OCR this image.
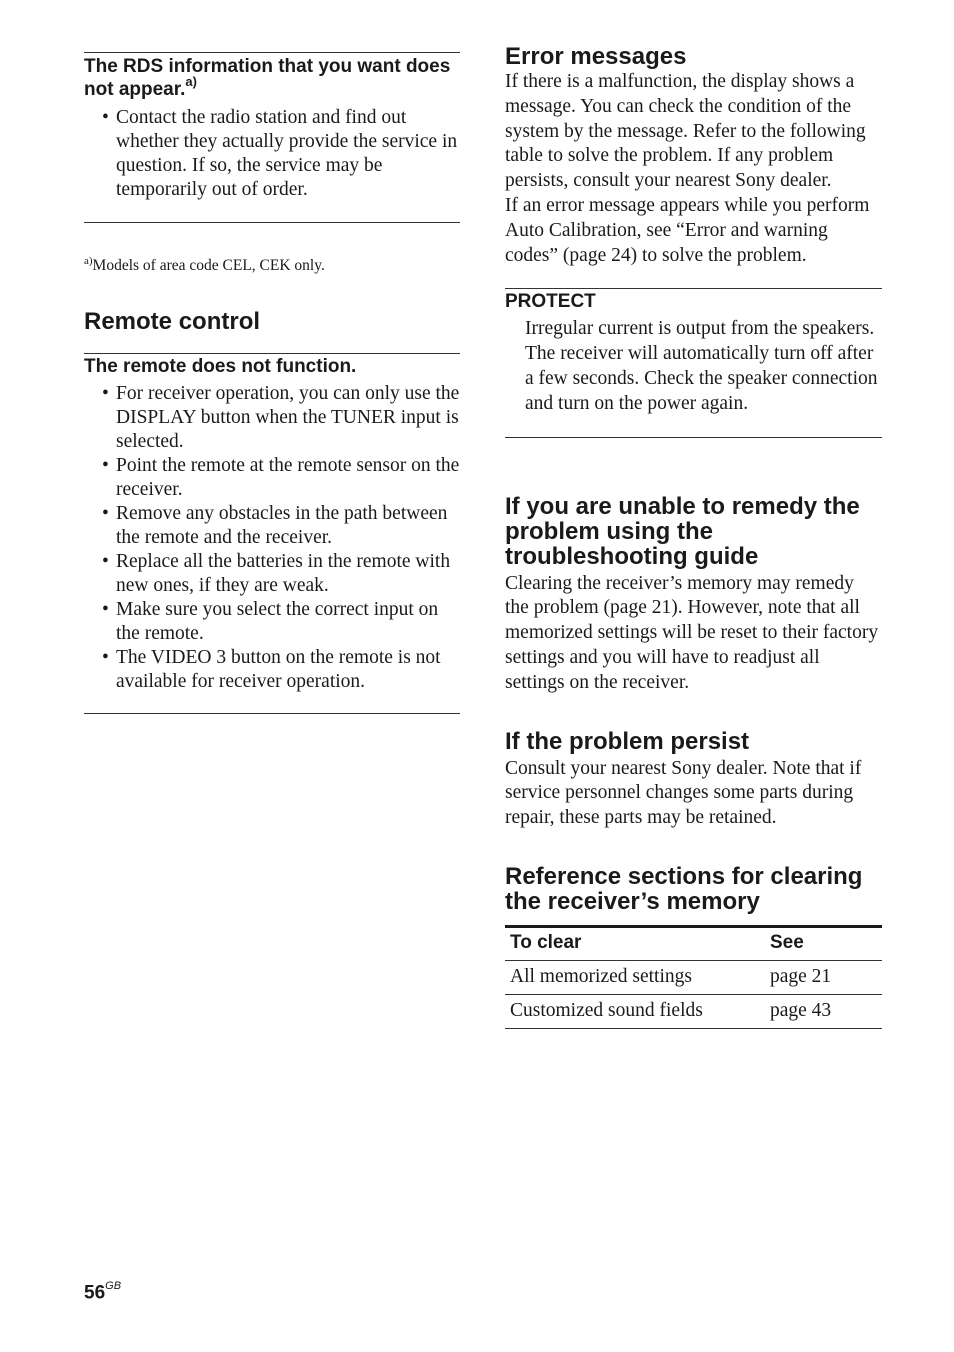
The RDS information that you want does not appear.$^{a)}$
• Contact the radio station and find out whether they actually provide the service in question. If so, the service may be temporarily out of order.

$^{a)}$Models of area code CEL, CEK only.

Remote control
The remote does not function.
• For receiver operation, you can only use the DISPLAY button when the TUNER input is selected.
• Point the remote at the remote sensor on the receiver.
• Remove any obstacles in the path between the remote and the receiver.
• Replace all the batteries in the remote with new ones, if they are weak.
• Make sure you select the correct input on the remote.
• The VIDEO 3 button on the remote is not available for receiver operation.
Error messages

If there is a malfunction, the display shows a message. You can check the condition of the system by the message. Refer to the following table to solve the problem. If any problem persists, consult your nearest Sony dealer.

If an error message appears while you perform Auto Calibration, see “Error and warning codes” (page 24) to solve the problem.

PROTECT

Irregular current is output from the speakers. The receiver will automatically turn off after a few seconds. Check the speaker connection and turn on the power again.

If you are unable to remedy the problem using the troubleshooting guide

Clearing the receiver’s memory may remedy the problem (page 21). However, note that all memorized settings will be reset to their factory settings and you will have to readjust all settings on the receiver.

If the problem persist

Consult your nearest Sony dealer. Note that if service personnel changes some parts during repair, these parts may be retained.

Reference sections for clearing the receiver’s memory
To clear	See
All memorized settings	page 21
Customized sound fields	page 43
$56^{GB}$
